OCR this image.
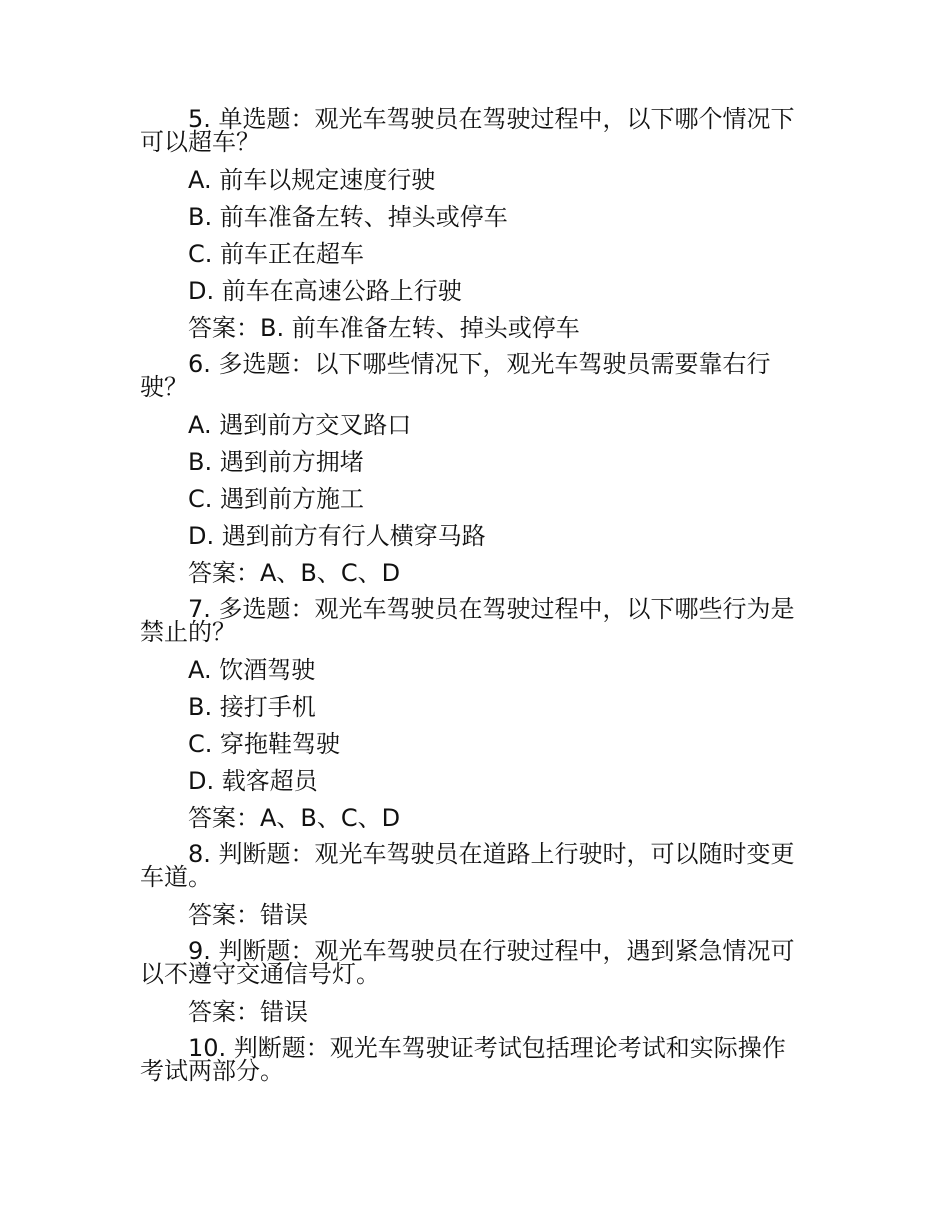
5. 单选题：观光车驾驶员在驾驶过程中，以下哪个情况下
可以超车？
A. 前车以规定速度行驶
B. 前车准备左转、掉头或停车
C. 前车正在超车
D. 前车在高速公路上行驶
答案：B. 前车准备左转、掉头或停车
6. 多选题：以下哪些情况下，观光车驾驶员需要靠右行
驶？
A. 遇到前方交叉路口
B. 遇到前方拥堵
C. 遇到前方施工
D. 遇到前方有行人横穿马路
答案：A、B、C、D
7. 多选题：观光车驾驶员在驾驶过程中，以下哪些行为是
禁止的？
A. 饮酒驾驶
B. 接打手机
C. 穿拖鞋驾驶
D. 载客超员
答案：A、B、C、D
8. 判断题：观光车驾驶员在道路上行驶时，可以随时变更
车道。
答案：错误
9. 判断题：观光车驾驶员在行驶过程中，遇到紧急情况可
以不遵守交通信号灯。
答案：错误
10. 判断题：观光车驾驶证考试包括理论考试和实际操作
考试两部分。
